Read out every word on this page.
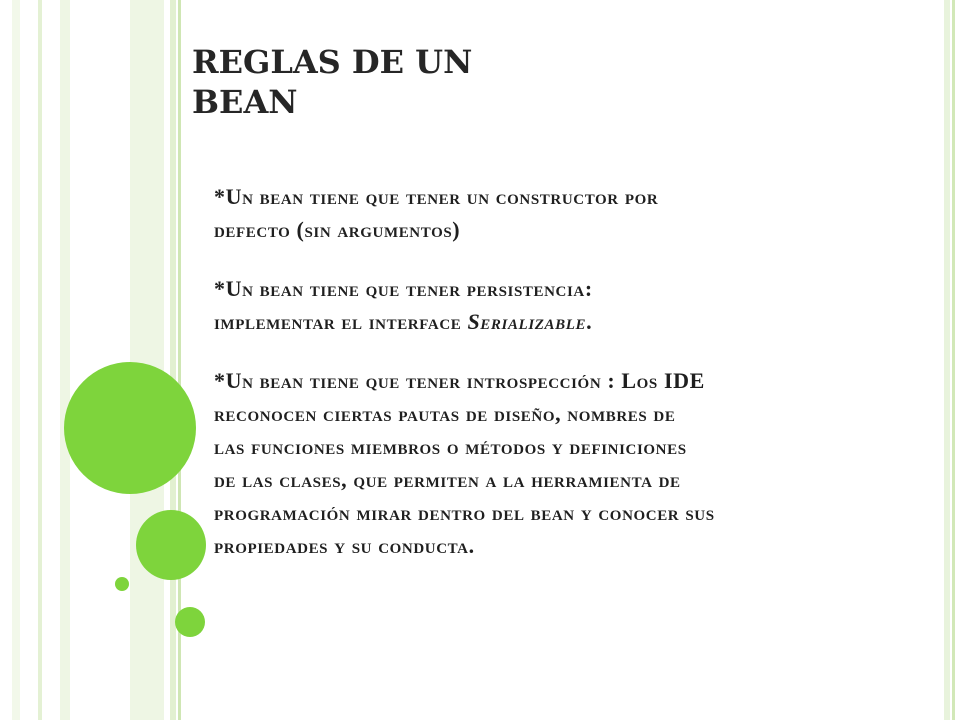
REGLAS DE UN
BEAN

*Un bean tiene que tener un constructor por
defecto (sin argumentos)

*Un bean tiene que tener persistencia:
implementar el interface Serializable.

*Un bean tiene que tener introspección : Los IDE
reconocen ciertas pautas de diseño, nombres de
las funciones miembros o métodos y definiciones
de las clases, que permiten a la herramienta de
programación mirar dentro del bean y conocer sus
propiedades y su conducta.
